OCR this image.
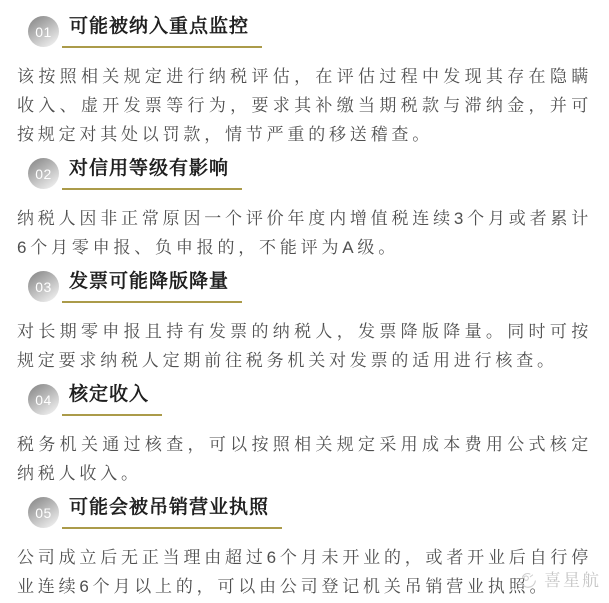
01 可能被纳入重点监控

该按照相关规定进行纳税评估，在评估过程中发现其存在隐瞒收入、虚开发票等行为，要求其补缴当期税款与滞纳金，并可按规定对其处以罚款，情节严重的移送稽查。

02 对信用等级有影响

纳税人因非正常原因一个评价年度内增值税连续3个月或者累计6个月零申报、负申报的，不能评为A级。

03 发票可能降版降量

对长期零申报且持有发票的纳税人，发票降版降量。同时可按规定要求纳税人定期前往税务机关对发票的适用进行核查。

04 核定收入

税务机关通过核查，可以按照相关规定采用成本费用公式核定纳税人收入。

05 可能会被吊销营业执照

公司成立后无正当理由超过6个月未开业的，或者开业后自行停业连续6个月以上的，可以由公司登记机关吊销营业执照。

喜星航
